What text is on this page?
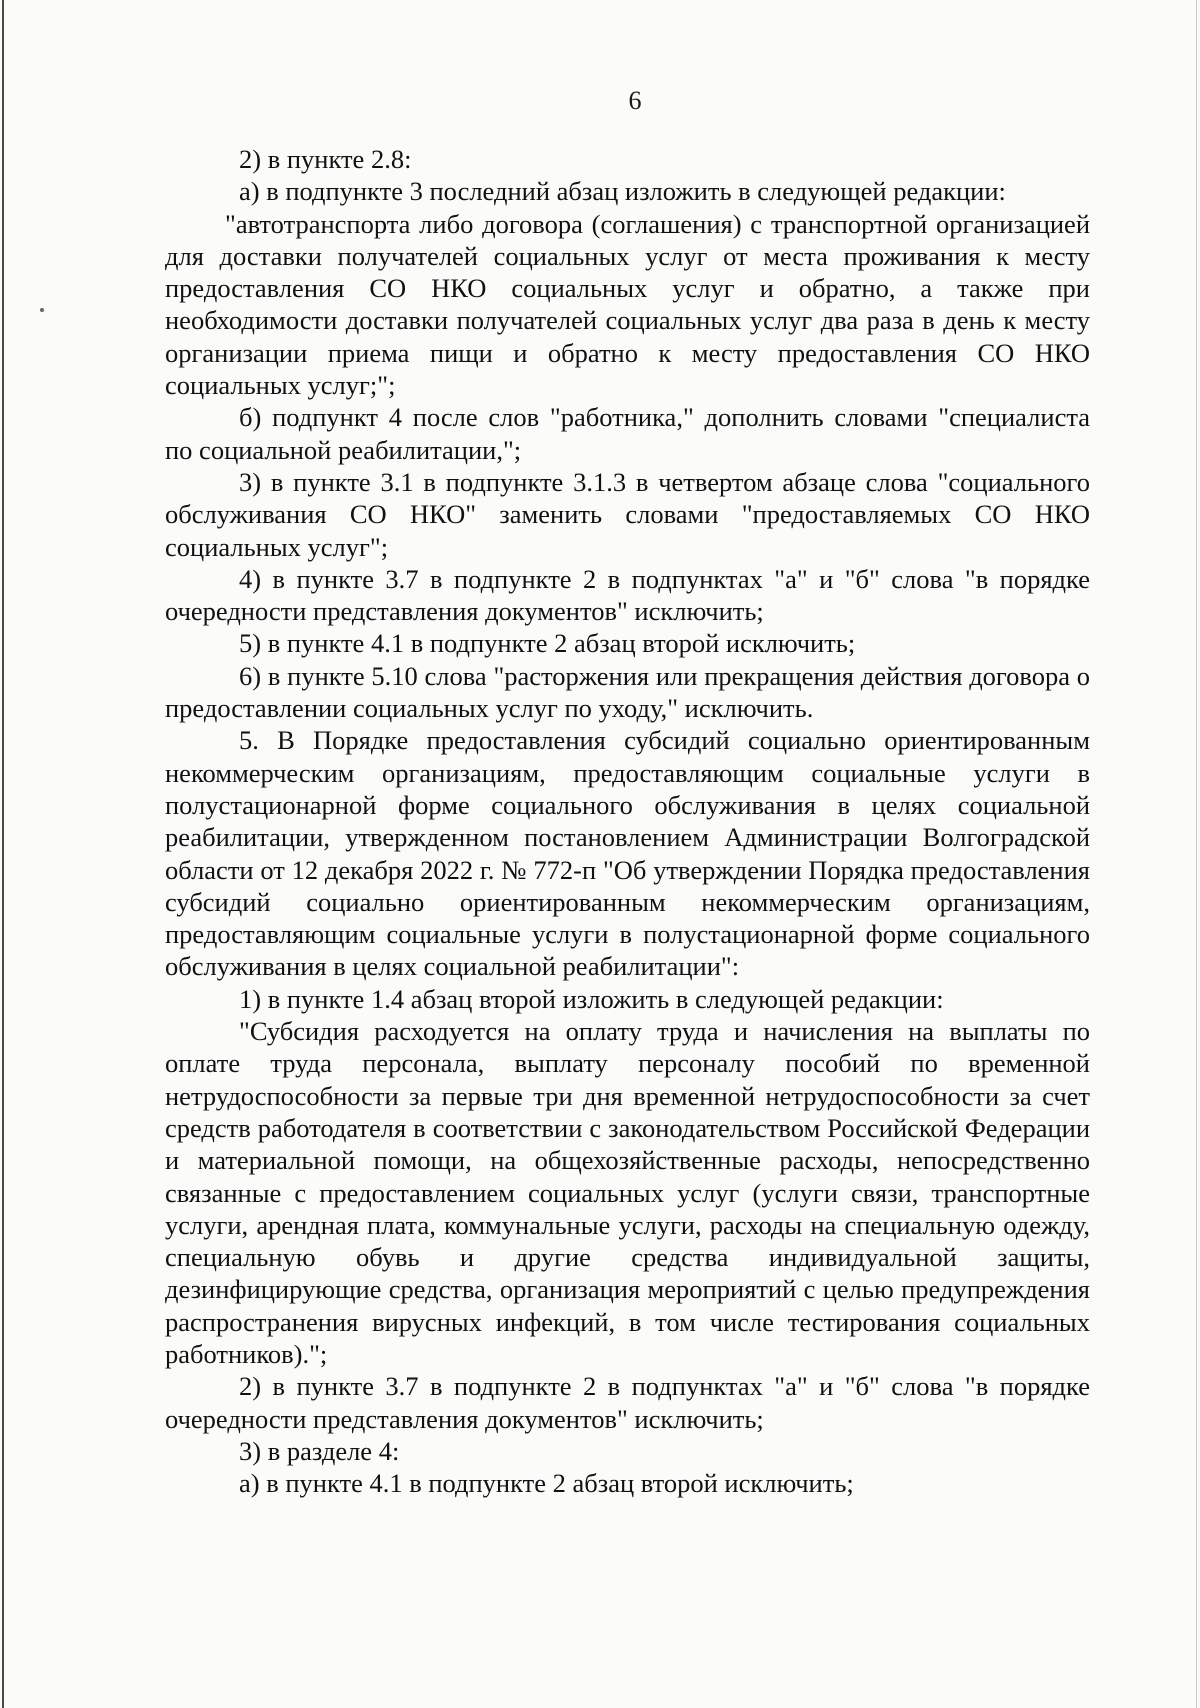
6

2) в пункте 2.8:

а) в подпункте 3 последний абзац изложить в следующей редакции:

"автотранспорта либо договора (соглашения) с транспортной организацией для доставки получателей социальных услуг от места проживания к месту предоставления СО НКО социальных услуг и обратно, а также при необходимости доставки получателей социальных услуг два раза в день к месту организации приема пищи и обратно к месту предоставления СО НКО социальных услуг;";

б) подпункт 4 после слов "работника," дополнить словами "специалиста по социальной реабилитации,";

3) в пункте 3.1 в подпункте 3.1.3 в четвертом абзаце слова "социального обслуживания СО НКО" заменить словами "предоставляемых СО НКО социальных услуг";

4) в пункте 3.7 в подпункте 2 в подпунктах "а" и "б" слова "в порядке очередности представления документов" исключить;

5) в пункте 4.1 в подпункте 2 абзац второй исключить;

6) в пункте 5.10 слова "расторжения или прекращения действия договора о предоставлении социальных услуг по уходу," исключить.

5. В Порядке предоставления субсидий социально ориентированным некоммерческим организациям, предоставляющим социальные услуги в полустационарной форме социального обслуживания в целях социальной реабилитации, утвержденном постановлением Администрации Волгоградской области от 12 декабря 2022 г. № 772-п "Об утверждении Порядка предоставления субсидий социально ориентированным некоммерческим организациям, предоставляющим социальные услуги в полустационарной форме социального обслуживания в целях социальной реабилитации":

1) в пункте 1.4 абзац второй изложить в следующей редакции:

"Субсидия расходуется на оплату труда и начисления на выплаты по оплате труда персонала, выплату персоналу пособий по временной нетрудоспособности за первые три дня временной нетрудоспособности за счет средств работодателя в соответствии с законодательством Российской Федерации и материальной помощи, на общехозяйственные расходы, непосредственно связанные с предоставлением социальных услуг (услуги связи, транспортные услуги, арендная плата, коммунальные услуги, расходы на специальную одежду, специальную обувь и другие средства индивидуальной защиты, дезинфицирующие средства, организация мероприятий с целью предупреждения распространения вирусных инфекций, в том числе тестирования социальных работников).";

2) в пункте 3.7 в подпункте 2 в подпунктах "а" и "б" слова "в порядке очередности представления документов" исключить;

3) в разделе 4:

а) в пункте 4.1 в подпункте 2 абзац второй исключить;
